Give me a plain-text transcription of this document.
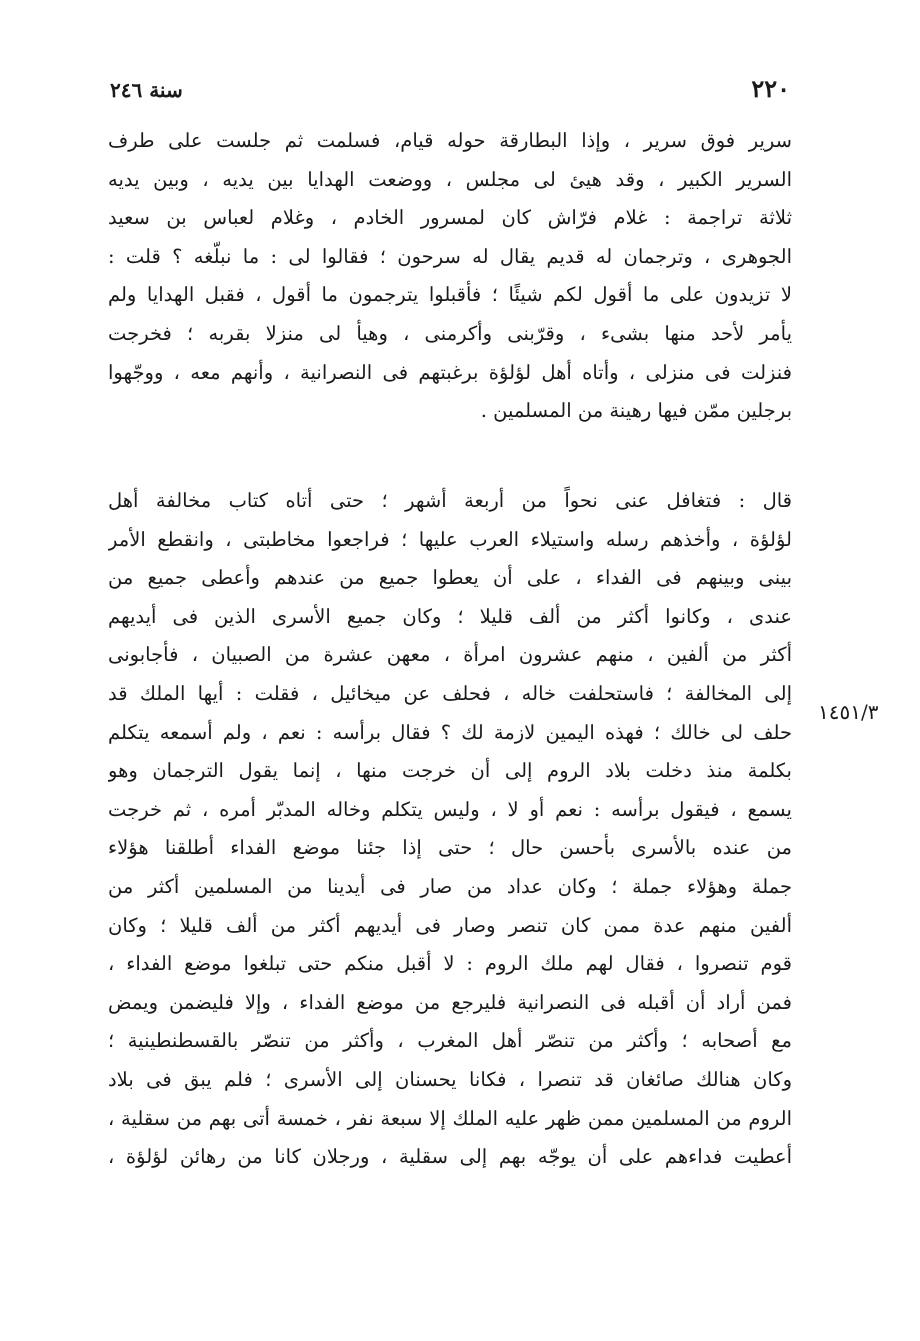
٢٢٠
سنة ٢٤٦
سرير فوق سرير ، وإذا البطارقة حوله قيام، فسلمت ثم جلست على طرف
السرير الكبير ، وقد هيئ لى مجلس ، ووضعت الهدايا بين يديه ، وبين يديه
ثلاثة تراجمة : غلام فرّاش كان لمسرور الخادم ، وغلام لعباس بن سعيد
الجوهرى ، وترجمان له قديم يقال له سرحون ؛ فقالوا لى : ما نبلّغه ؟ قلت :
لا تزيدون على ما أقول لكم شيئًا ؛ فأقبلوا يترجمون ما أقول ، فقبل الهدايا ولم
يأمر لأحد منها بشىء ، وقرّبنى وأكرمنى ، وهيأ لى منزلا بقربه ؛ فخرجت
فنزلت فى منزلى ، وأتاه أهل لؤلؤة برغبتهم فى النصرانية ، وأنهم معه ، ووجّهوا
برجلين ممّن فيها رهينة من المسلمين .
قال : فتغافل عنى نحواً من أربعة أشهر ؛ حتى أتاه كتاب مخالفة أهل
لؤلؤة ، وأخذهم رسله واستيلاء العرب عليها ؛ فراجعوا مخاطبتى ، وانقطع الأمر
بينى وبينهم فى الفداء ، على أن يعطوا جميع من عندهم وأعطى جميع من
عندى ، وكانوا أكثر من ألف قليلا ؛ وكان جميع الأسرى الذين فى أيديهم
أكثر من ألفين ، منهم عشرون امرأة ، معهن عشرة من الصبيان ، فأجابونى
إلى المخالفة ؛ فاستحلفت خاله ، فحلف عن ميخائيل ، فقلت : أيها الملك قد
حلف لى خالك ؛ فهذه اليمين لازمة لك ؟ فقال برأسه : نعم ، ولم أسمعه يتكلم
بكلمة منذ دخلت بلاد الروم إلى أن خرجت منها ، إنما يقول الترجمان وهو
يسمع ، فيقول برأسه : نعم أو لا ، وليس يتكلم وخاله المدبّر أمره ، ثم خرجت
من عنده بالأسرى بأحسن حال ؛ حتى إذا جئنا موضع الفداء أطلقنا هؤلاء
جملة وهؤلاء جملة ؛ وكان عداد من صار فى أيدينا من المسلمين أكثر من
ألفين منهم عدة ممن كان تنصر وصار فى أيديهم أكثر من ألف قليلا ؛ وكان
قوم تنصروا ، فقال لهم ملك الروم : لا أقبل منكم حتى تبلغوا موضع الفداء ،
فمن أراد أن أقبله فى النصرانية فليرجع من موضع الفداء ، وإلا فليضمن ويمض
مع أصحابه ؛ وأكثر من تنصّر أهل المغرب ، وأكثر من تنصّر بالقسطنطينية ؛
وكان هنالك صائغان قد تنصرا ، فكانا يحسنان إلى الأسرى ؛ فلم يبق فى بلاد
الروم من المسلمين ممن ظهر عليه الملك إلا سبعة نفر ، خمسة أتى بهم من سقلية ،
أعطيت فداءهم على أن يوجّه بهم إلى سقلية ، ورجلان كانا من رهائن لؤلؤة ،
١٤٥١/٣
